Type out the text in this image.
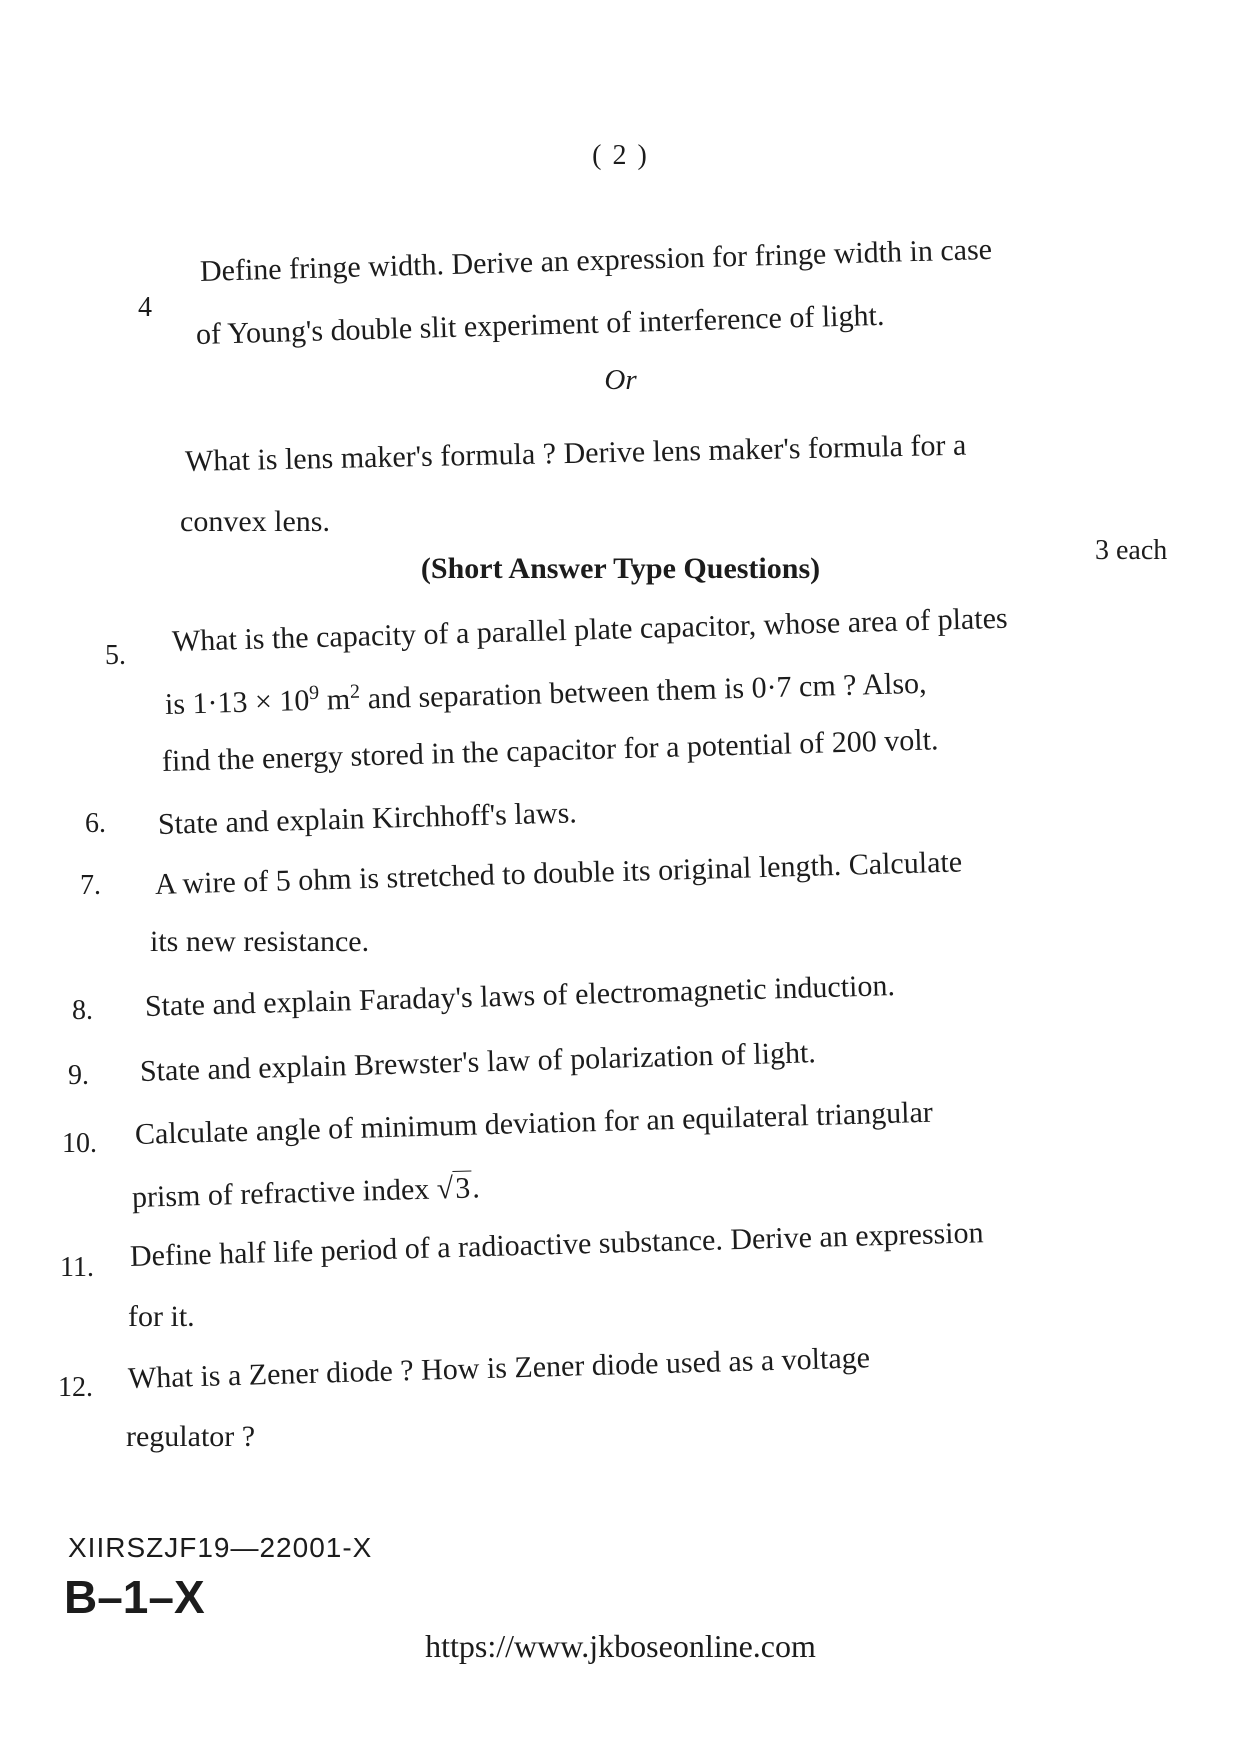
( 2 )
4
Define fringe width. Derive an expression for fringe width in case
of Young's double slit experiment of interference of light.
Or
What is lens maker's formula ? Derive lens maker's formula for a
convex lens.
(Short Answer Type Questions)
3 each
5. What is the capacity of a parallel plate capacitor, whose area of plates
is $1\cdot 13 \times 10^9$ $m^2$ and separation between them is 0·7 cm ? Also,
find the energy stored in the capacitor for a potential of 200 volt.
6. State and explain Kirchhoff's laws.
7. A wire of 5 ohm is stretched to double its original length. Calculate
its new resistance.
8. State and explain Faraday's laws of electromagnetic induction.
9. State and explain Brewster's law of polarization of light.
10. Calculate angle of minimum deviation for an equilateral triangular
prism of refractive index √3.
11. Define half life period of a radioactive substance. Derive an expression
for it.
12. What is a Zener diode ? How is Zener diode used as a voltage
regulator ?
XIIRSZJF19—22001-X
B–1–X
https://www.jkboseonline.com
